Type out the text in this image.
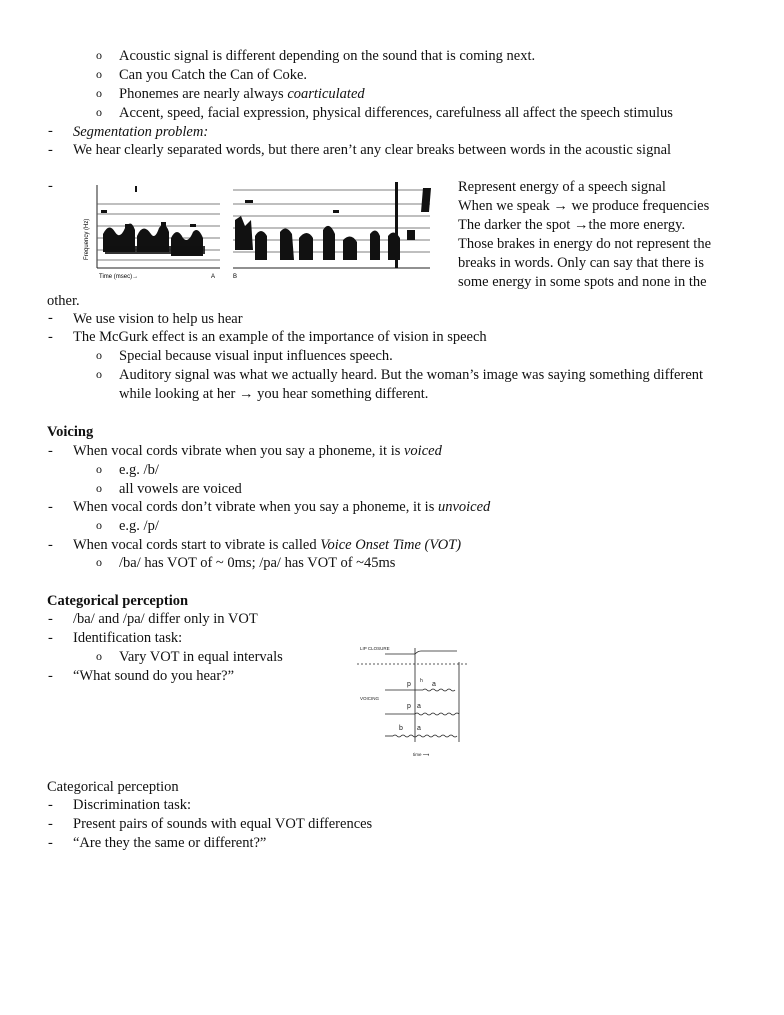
o Acoustic signal is different depending on the sound that is coming next.
o Can you Catch the Can of Coke.
o Phonemes are nearly always coarticulated
o Accent, speed, facial expression, physical differences, carefulness all affect the speech stimulus
- Segmentation problem:
- We hear clearly separated words, but there aren’t any clear breaks between words in the acoustic signal
-
Frequency (Hz)
Time (msec)→	A	B
Represent energy of a speech signal
When we speak → we produce frequencies
The darker the spot →the more energy.
Those brakes in energy do not represent the
breaks in words. Only can say that there is
some energy in some spots and none in the
other.
- We use vision to help us hear
- The McGurk effect is an example of the importance of vision in speech
o Special because visual input influences speech.
o Auditory signal was what we actually heard. But the woman’s image was saying something different
while looking at her → you hear something different.
Voicing
- When vocal cords vibrate when you say a phoneme, it is voiced
o e.g. /b/
o all vowels are voiced
- When vocal cords don’t vibrate when you say a phoneme, it is unvoiced
o e.g. /p/
- When vocal cords start to vibrate is called Voice Onset Time (VOT)
o /ba/ has VOT of ~ 0ms; /pa/ has VOT of ~45ms
Categorical perception
- /ba/ and /pa/ differ only in VOT
- Identification task:
o Vary VOT in equal intervals
- “What sound do you hear?”
LIP CLOSURE
VOICING
time ⟶
p h a
p a
b a
Categorical perception
- Discrimination task:
- Present pairs of sounds with equal VOT differences
- “Are they the same or different?”
